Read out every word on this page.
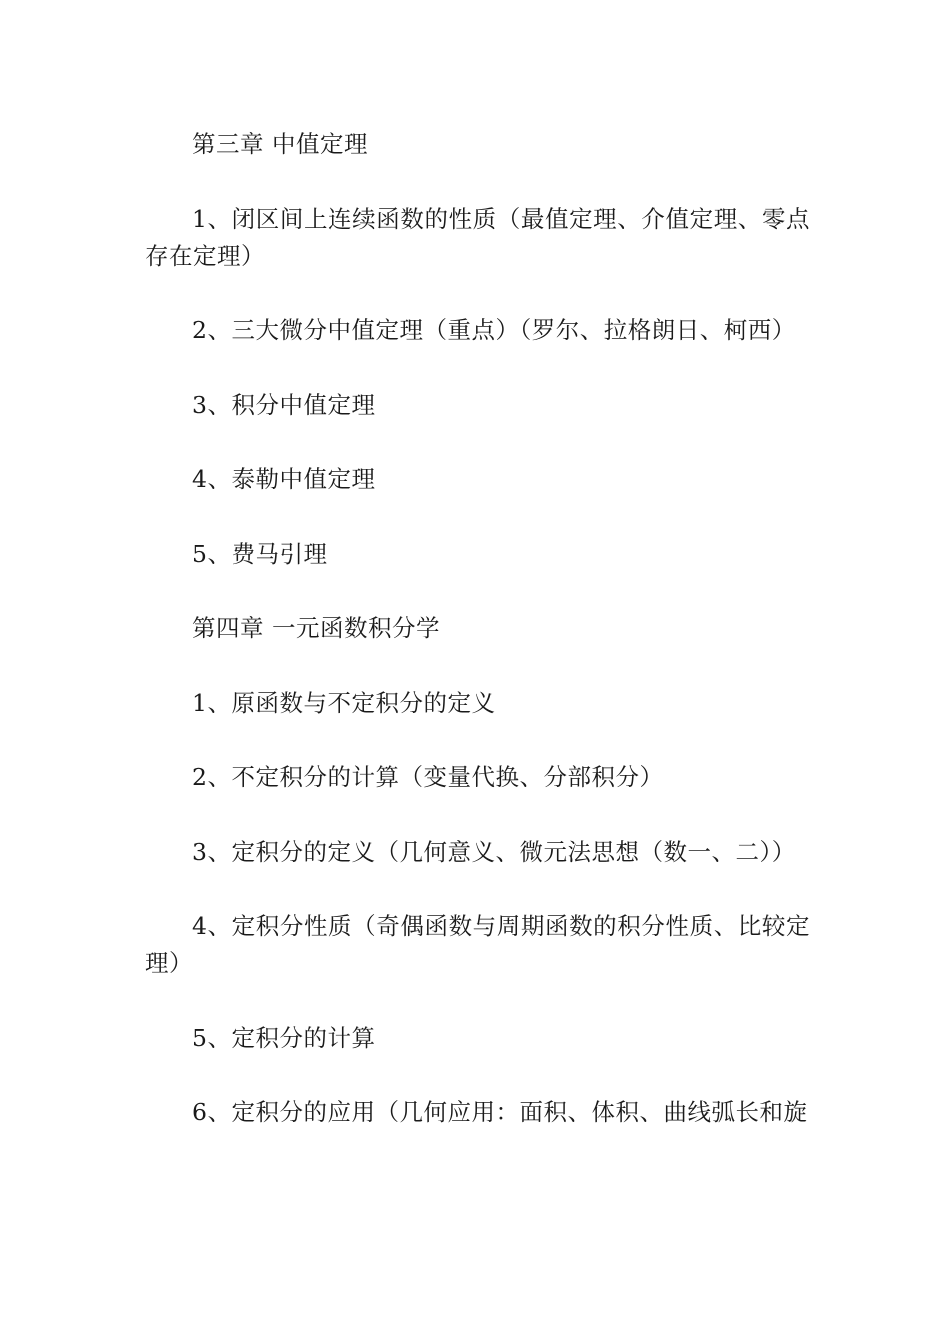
第三章 中值定理

1、闭区间上连续函数的性质（最值定理、介值定理、零点存在定理）

2、三大微分中值定理（重点）（罗尔、拉格朗日、柯西）

3、积分中值定理

4、泰勒中值定理

5、费马引理

第四章 一元函数积分学

1、原函数与不定积分的定义

2、不定积分的计算（变量代换、分部积分）

3、定积分的定义（几何意义、微元法思想（数一、二））

4、定积分性质（奇偶函数与周期函数的积分性质、比较定理）

5、定积分的计算

6、定积分的应用（几何应用：面积、体积、曲线弧长和旋
